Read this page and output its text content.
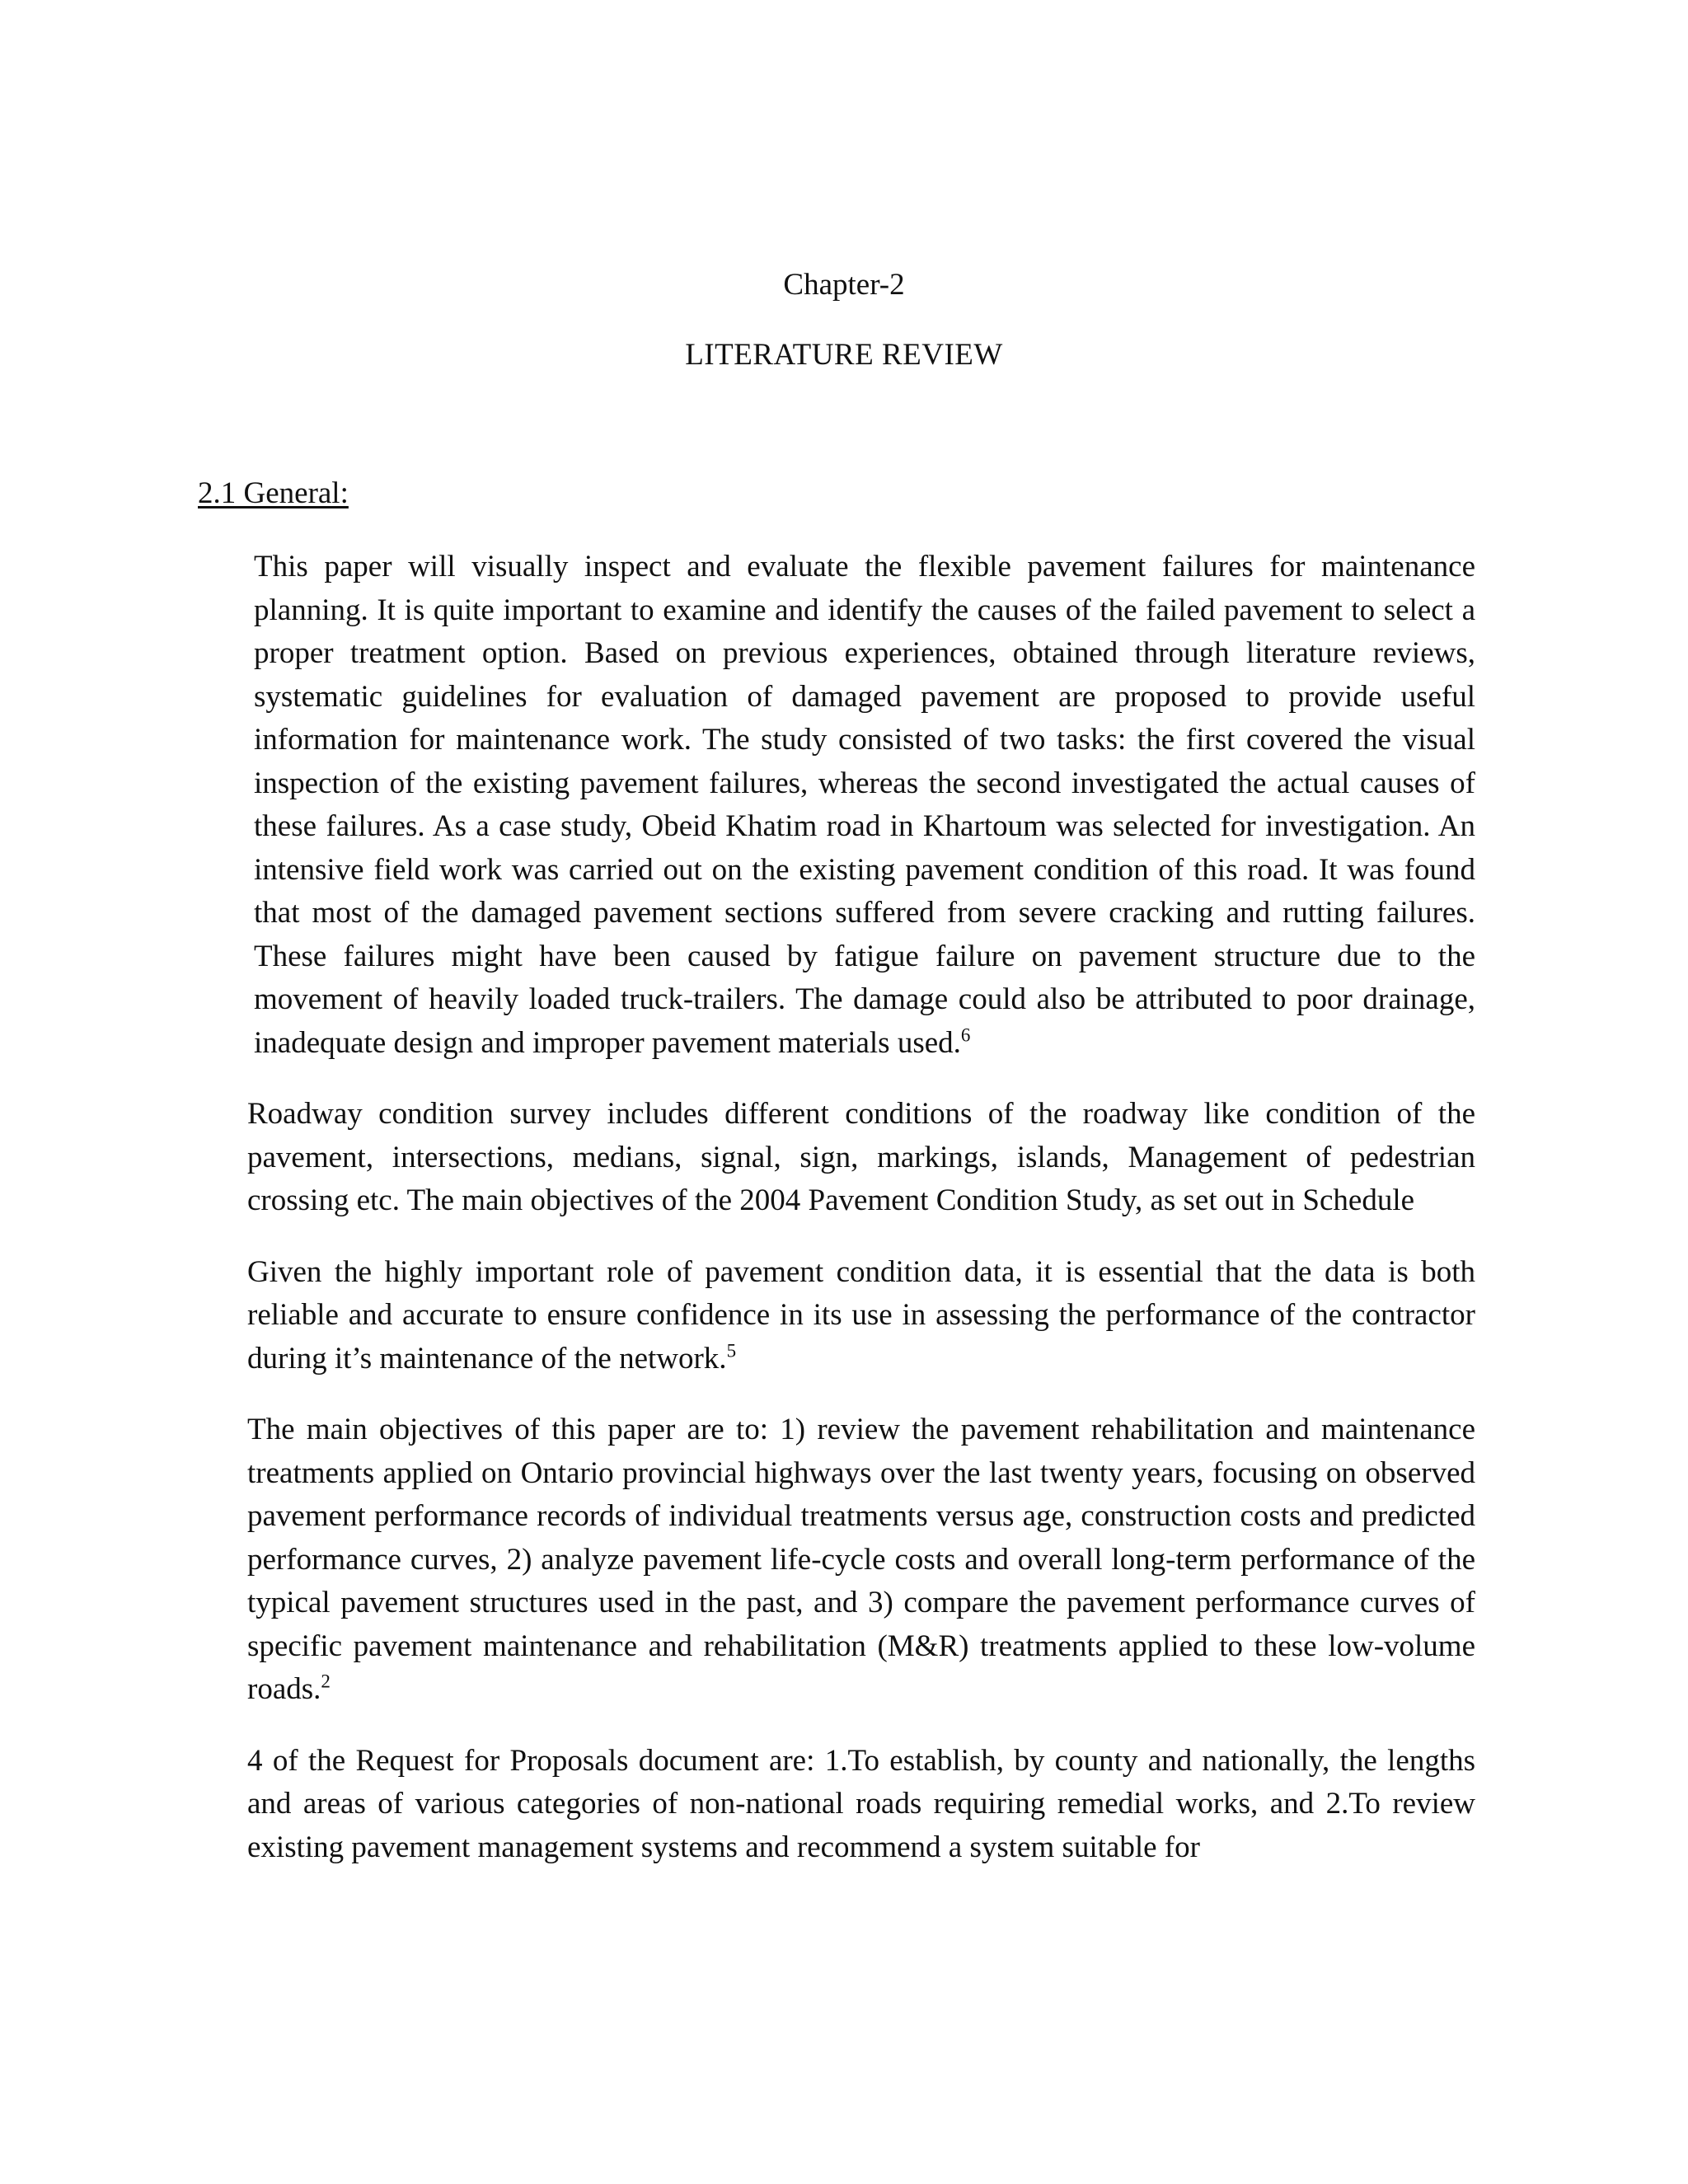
Chapter-2
LITERATURE REVIEW
2.1 General:

This paper will visually inspect and evaluate the flexible pavement failures for maintenance planning. It is quite important to examine and identify the causes of the failed pavement to select a proper treatment option. Based on previous experiences, obtained through literature reviews, systematic guidelines for evaluation of damaged pavement are proposed to provide useful information for maintenance work. The study consisted of two tasks: the first covered the visual inspection of the existing pavement failures, whereas the second investigated the actual causes of these failures. As a case study, Obeid Khatim road in Khartoum was selected for investigation. An intensive field work was carried out on the existing pavement condition of this road. It was found that most of the damaged pavement sections suffered from severe cracking and rutting failures. These failures might have been caused by fatigue failure on pavement structure due to the movement of heavily loaded truck-trailers. The damage could also be attributed to poor drainage, inadequate design and improper pavement materials used.$^6$

Roadway condition survey includes different conditions of the roadway like condition of the pavement, intersections, medians, signal, sign, markings, islands, Management of pedestrian crossing etc. The main objectives of the 2004 Pavement Condition Study, as set out in Schedule

Given the highly important role of pavement condition data, it is essential that the data is both reliable and accurate to ensure confidence in its use in assessing the performance of the contractor during it’s maintenance of the network.$^5$

The main objectives of this paper are to: 1) review the pavement rehabilitation and maintenance treatments applied on Ontario provincial highways over the last twenty years, focusing on observed pavement performance records of individual treatments versus age, construction costs and predicted performance curves, 2) analyze pavement life-cycle costs and overall long-term performance of the typical pavement structures used in the past, and 3) compare the pavement performance curves of specific pavement maintenance and rehabilitation (M&R) treatments applied to these low-volume roads.$^2$

4 of the Request for Proposals document are: 1.To establish, by county and nationally, the lengths and areas of various categories of non-national roads requiring remedial works, and 2.To review existing pavement management systems and recommend a system suitable for
